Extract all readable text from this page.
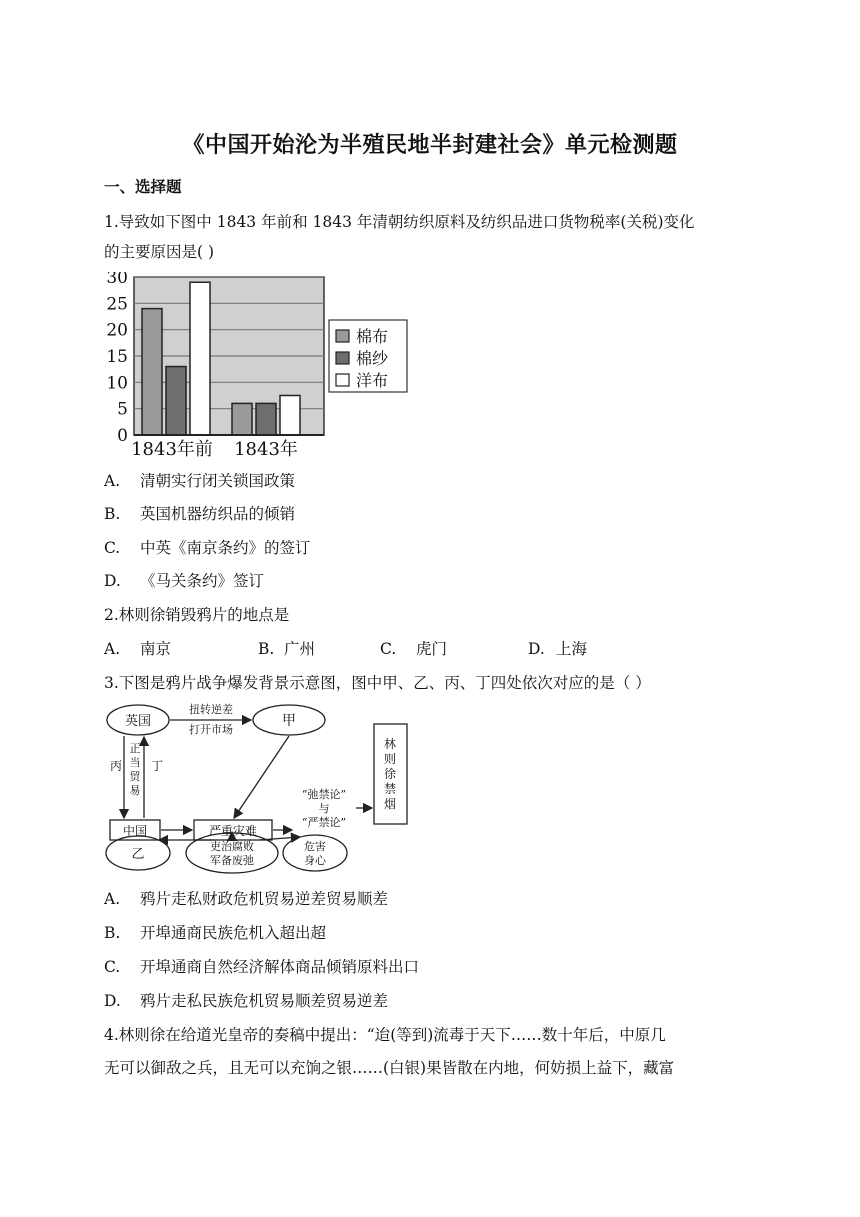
《中国开始沦为半殖民地半封建社会》单元检测题
一、选择题
1.导致如下图中 1843 年前和 1843 年清朝纺织原料及纺织品进口货物税率(关税)变化
的主要原因是( )
0
5
10
15
20
25
30
1843年前 1843年
棉布
棉纱
洋布
A. 清朝实行闭关锁国政策
B. 英国机器纺织品的倾销
C. 中英《南京条约》的签订
D. 《马关条约》签订
2.林则徐销毁鸦片的地点是
A. 南京	B. 广州	C. 虎门	D. 上海
3.下图是鸦片战争爆发背景示意图，图中甲、乙、丙、丁四处依次对应的是（ ）
英国	甲
扭转逆差
打开市场
丙 丁
中国	严重灾难
“弛禁论”
与
“严禁论”
乙
吏治腐败
军备废弛
危害
身心
正
当
贸
易
林
则
徐
禁
烟
A. 鸦片走私财政危机贸易逆差贸易顺差
B. 开埠通商民族危机入超出超
C. 开埠通商自然经济解体商品倾销原料出口
D. 鸦片走私民族危机贸易顺差贸易逆差
4.林则徐在给道光皇帝的奏稿中提出：“迨(等到)流毒于天下……数十年后，中原几
无可以御敌之兵，且无可以充饷之银……(白银)果皆散在内地，何妨损上益下，藏富
